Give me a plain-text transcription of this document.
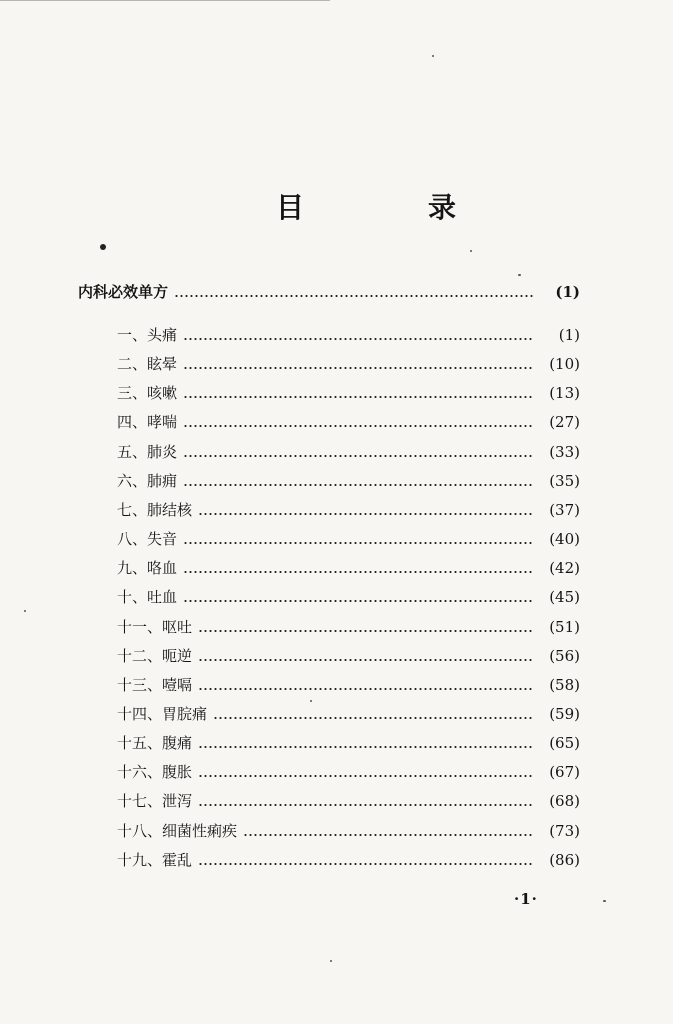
目　录
内科必效单方	(1)
一、头痛	(1)
二、眩晕	(10)
三、咳嗽	(13)
四、哮喘	(27)
五、肺炎	(33)
六、肺痈	(35)
七、肺结核	(37)
八、失音	(40)
九、咯血	(42)
十、吐血	(45)
十一、呕吐	(51)
十二、呃逆	(56)
十三、噎嗝	(58)
十四、胃脘痛	(59)
十五、腹痛	(65)
十六、腹胀	(67)
十七、泄泻	(68)
十八、细菌性痢疾	(73)
十九、霍乱	(86)
·1·
